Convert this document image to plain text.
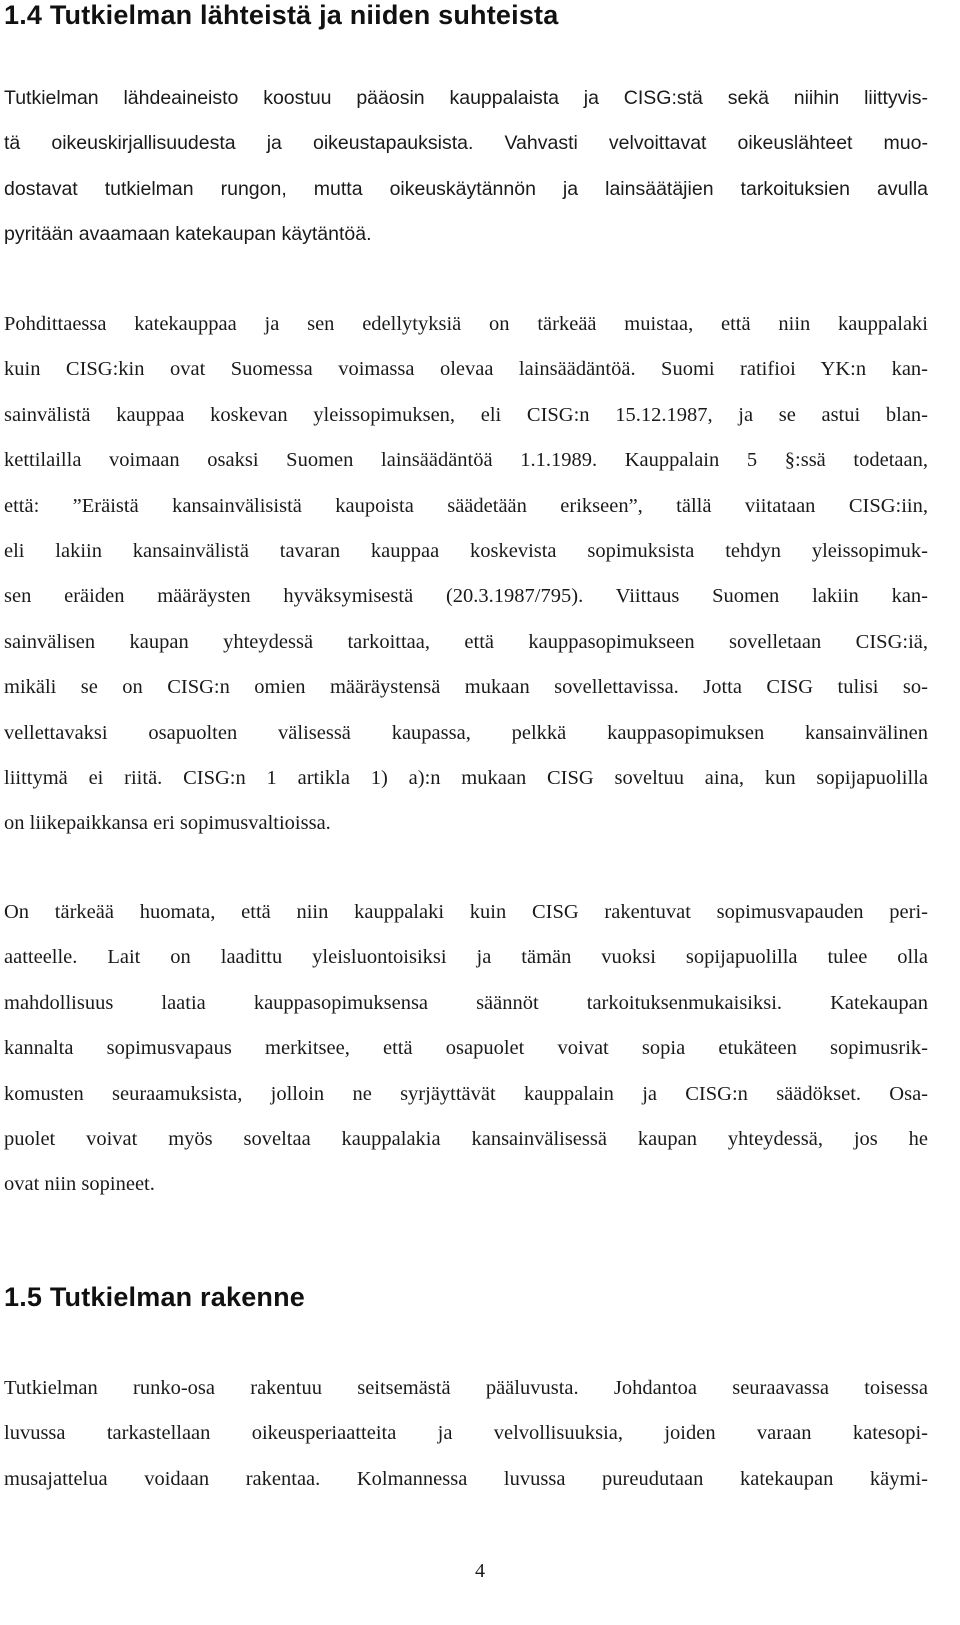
1.4 Tutkielman lähteistä ja niiden suhteista
Tutkielman lähdeaineisto koostuu pääosin kauppalaista ja CISG:stä sekä niihin liittyvis-
tä oikeuskirjallisuudesta ja oikeustapauksista. Vahvasti velvoittavat oikeuslähteet muo-
dostavat tutkielman rungon, mutta oikeuskäytännön ja lainsäätäjien tarkoituksien avulla
pyritään avaamaan katekaupan käytäntöä.
Pohdittaessa katekauppaa ja sen edellytyksiä on tärkeää muistaa, että niin kauppalaki
kuin CISG:kin ovat Suomessa voimassa olevaa lainsäädäntöä. Suomi ratifioi YK:n kan-
sainvälistä kauppaa koskevan yleissopimuksen, eli CISG:n 15.12.1987, ja se astui blan-
kettilailla voimaan osaksi Suomen lainsäädäntöä 1.1.1989. Kauppalain 5 §:ssä todetaan,
että: ”Eräistä kansainvälisistä kaupoista säädetään erikseen”, tällä viitataan CISG:iin,
eli lakiin kansainvälistä tavaran kauppaa koskevista sopimuksista tehdyn yleissopimuk-
sen eräiden määräysten hyväksymisestä (20.3.1987/795). Viittaus Suomen lakiin kan-
sainvälisen kaupan yhteydessä tarkoittaa, että kauppasopimukseen sovelletaan CISG:iä,
mikäli se on CISG:n omien määräystensä mukaan sovellettavissa. Jotta CISG tulisi so-
vellettavaksi osapuolten välisessä kaupassa, pelkkä kauppasopimuksen kansainvälinen
liittymä ei riitä. CISG:n 1 artikla 1) a):n mukaan CISG soveltuu aina, kun sopijapuolilla
on liikepaikkansa eri sopimusvaltioissa.
On tärkeää huomata, että niin kauppalaki kuin CISG rakentuvat sopimusvapauden peri-
aatteelle. Lait on laadittu yleisluontoisiksi ja tämän vuoksi sopijapuolilla tulee olla
mahdollisuus laatia kauppasopimuksensa säännöt tarkoituksenmukaisiksi. Katekaupan
kannalta sopimusvapaus merkitsee, että osapuolet voivat sopia etukäteen sopimusrik-
komusten seuraamuksista, jolloin ne syrjäyttävät kauppalain ja CISG:n säädökset. Osa-
puolet voivat myös soveltaa kauppalakia kansainvälisessä kaupan yhteydessä, jos he
ovat niin sopineet.
1.5 Tutkielman rakenne
Tutkielman runko-osa rakentuu seitsemästä pääluvusta. Johdantoa seuraavassa toisessa
luvussa tarkastellaan oikeusperiaatteita ja velvollisuuksia, joiden varaan katesopi-
musajattelua voidaan rakentaa. Kolmannessa luvussa pureudutaan katekaupan käymi-
4
